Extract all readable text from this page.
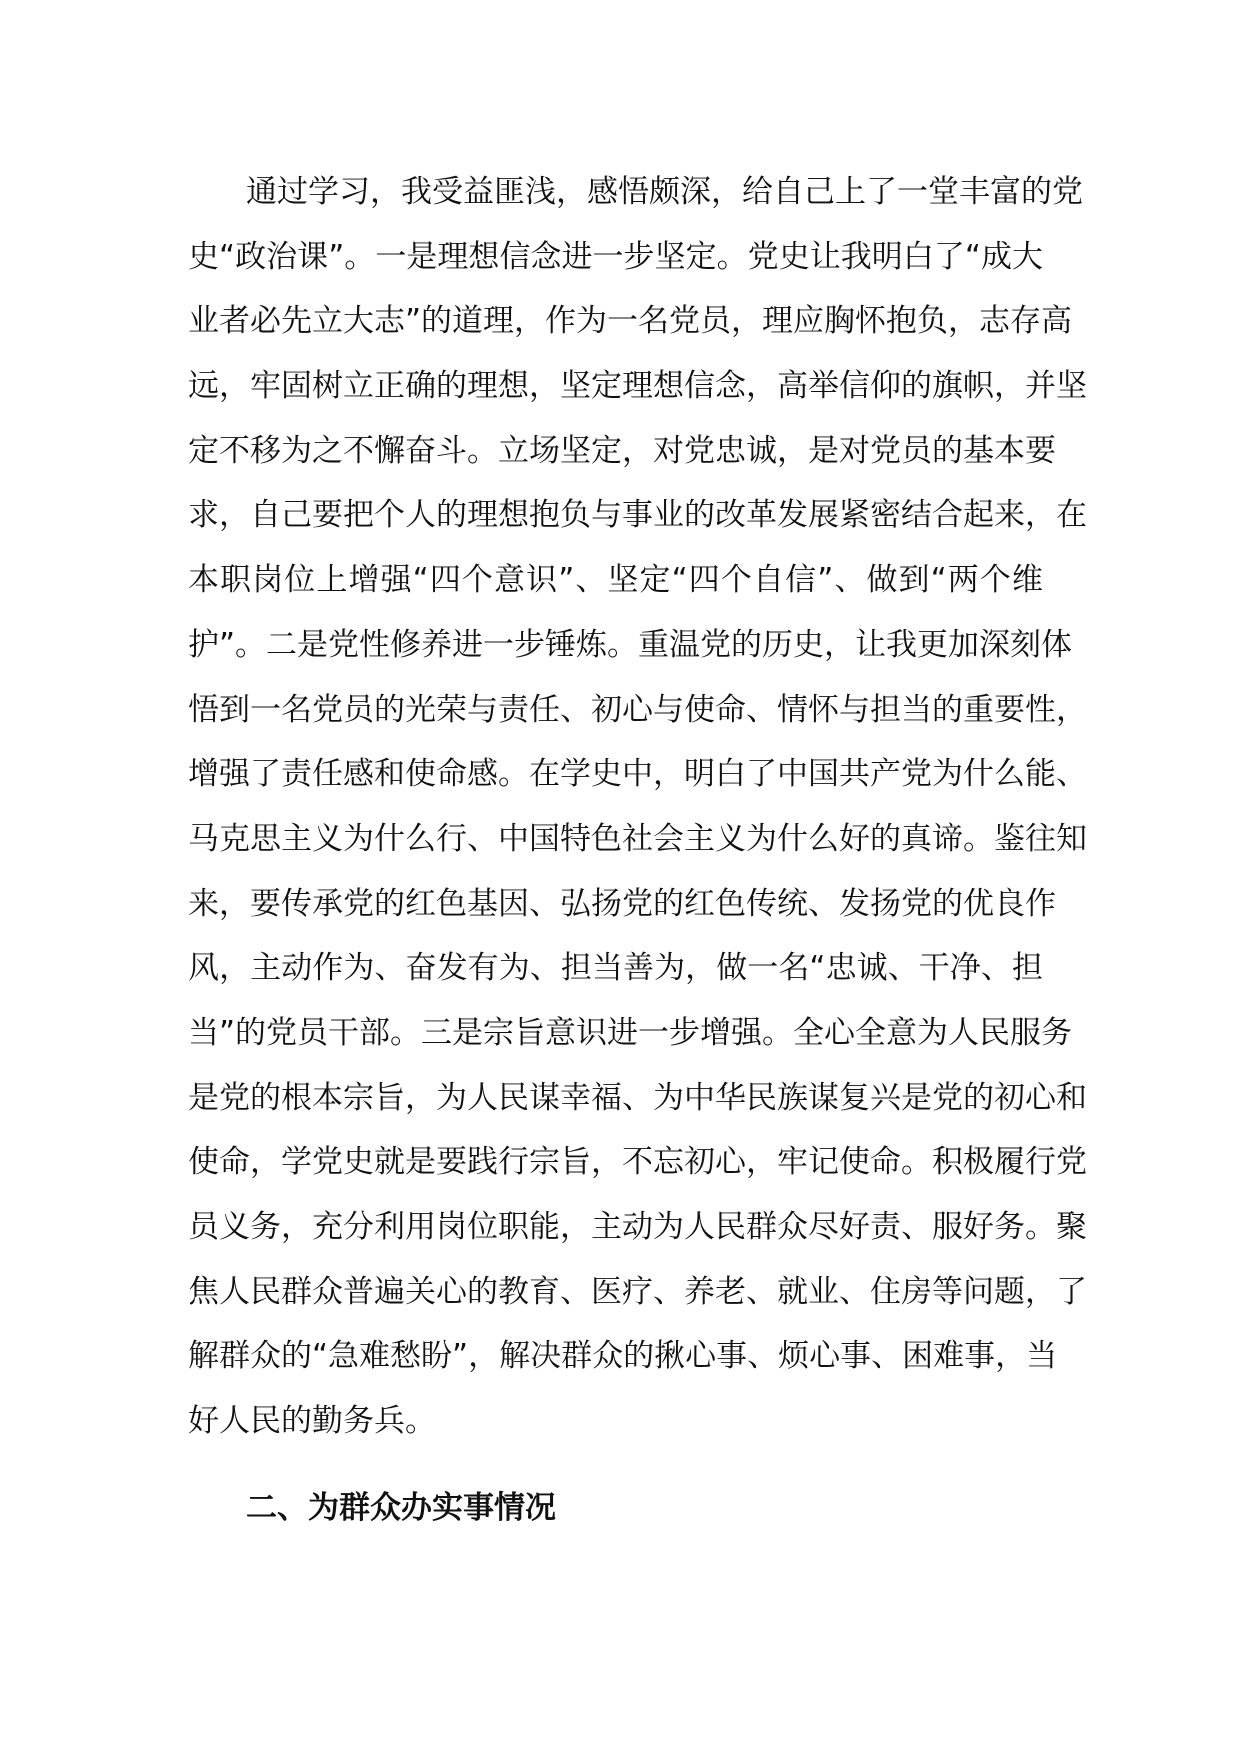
通过学习，我受益匪浅，感悟颇深，给自己上了一堂丰富的党
史“政治课”。一是理想信念进一步坚定。党史让我明白了“成大
业者必先立大志”的道理，作为一名党员，理应胸怀抱负，志存高
远，牢固树立正确的理想，坚定理想信念，高举信仰的旗帜，并坚
定不移为之不懈奋斗。立场坚定，对党忠诚，是对党员的基本要
求，自己要把个人的理想抱负与事业的改革发展紧密结合起来，在
本职岗位上增强“四个意识”、坚定“四个自信”、做到“两个维
护”。二是党性修养进一步锤炼。重温党的历史，让我更加深刻体
悟到一名党员的光荣与责任、初心与使命、情怀与担当的重要性，
增强了责任感和使命感。在学史中，明白了中国共产党为什么能、
马克思主义为什么行、中国特色社会主义为什么好的真谛。鉴往知
来，要传承党的红色基因、弘扬党的红色传统、发扬党的优良作
风，主动作为、奋发有为、担当善为，做一名“忠诚、干净、担
当”的党员干部。三是宗旨意识进一步增强。全心全意为人民服务
是党的根本宗旨，为人民谋幸福、为中华民族谋复兴是党的初心和
使命，学党史就是要践行宗旨，不忘初心，牢记使命。积极履行党
员义务，充分利用岗位职能，主动为人民群众尽好责、服好务。聚
焦人民群众普遍关心的教育、医疗、养老、就业、住房等问题，了
解群众的“急难愁盼”，解决群众的揪心事、烦心事、困难事，当
好人民的勤务兵。
二、为群众办实事情况
